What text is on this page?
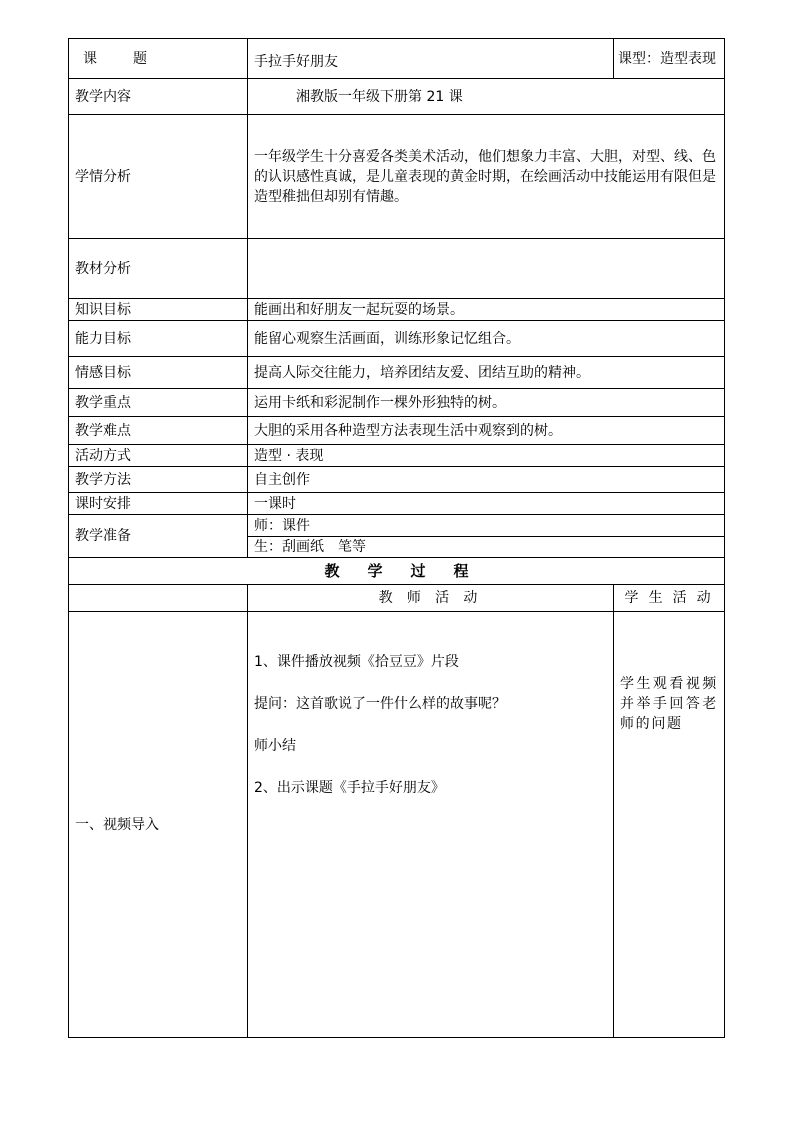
课 题	手拉手好朋友	课型：造型表现
教学内容	湘教版一年级下册第 21 课	
学情分析	一年级学生十分喜爱各类美术活动，他们想象力丰富、大胆，对型、线、色的认识感性真诚，是儿童表现的黄金时期，在绘画活动中技能运用有限但是造型稚拙但却别有情趣。	
教材分析		
知识目标	能画出和好朋友一起玩耍的场景。	
能力目标	能留心观察生活画面，训练形象记忆组合。	
情感目标	提高人际交往能力，培养团结友爱、团结互助的精神。	
教学重点	运用卡纸和彩泥制作一棵外形独特的树。	
教学难点	大胆的采用各种造型方法表现生活中观察到的树。	
活动方式	造型 · 表现	
教学方法	自主创作	
课时安排	一课时	
教学准备	师：课件	
	生：刮画纸　笔等	
教 学 过 程		
	教 师 活 动	学 生 活 动
一、视频导入	1、课件播放视频《拾豆豆》片段

提问：这首歌说了一件什么样的故事呢？

师小结

2、出示课题《手拉手好朋友》	学生观看视频并举手回答老师的问题
